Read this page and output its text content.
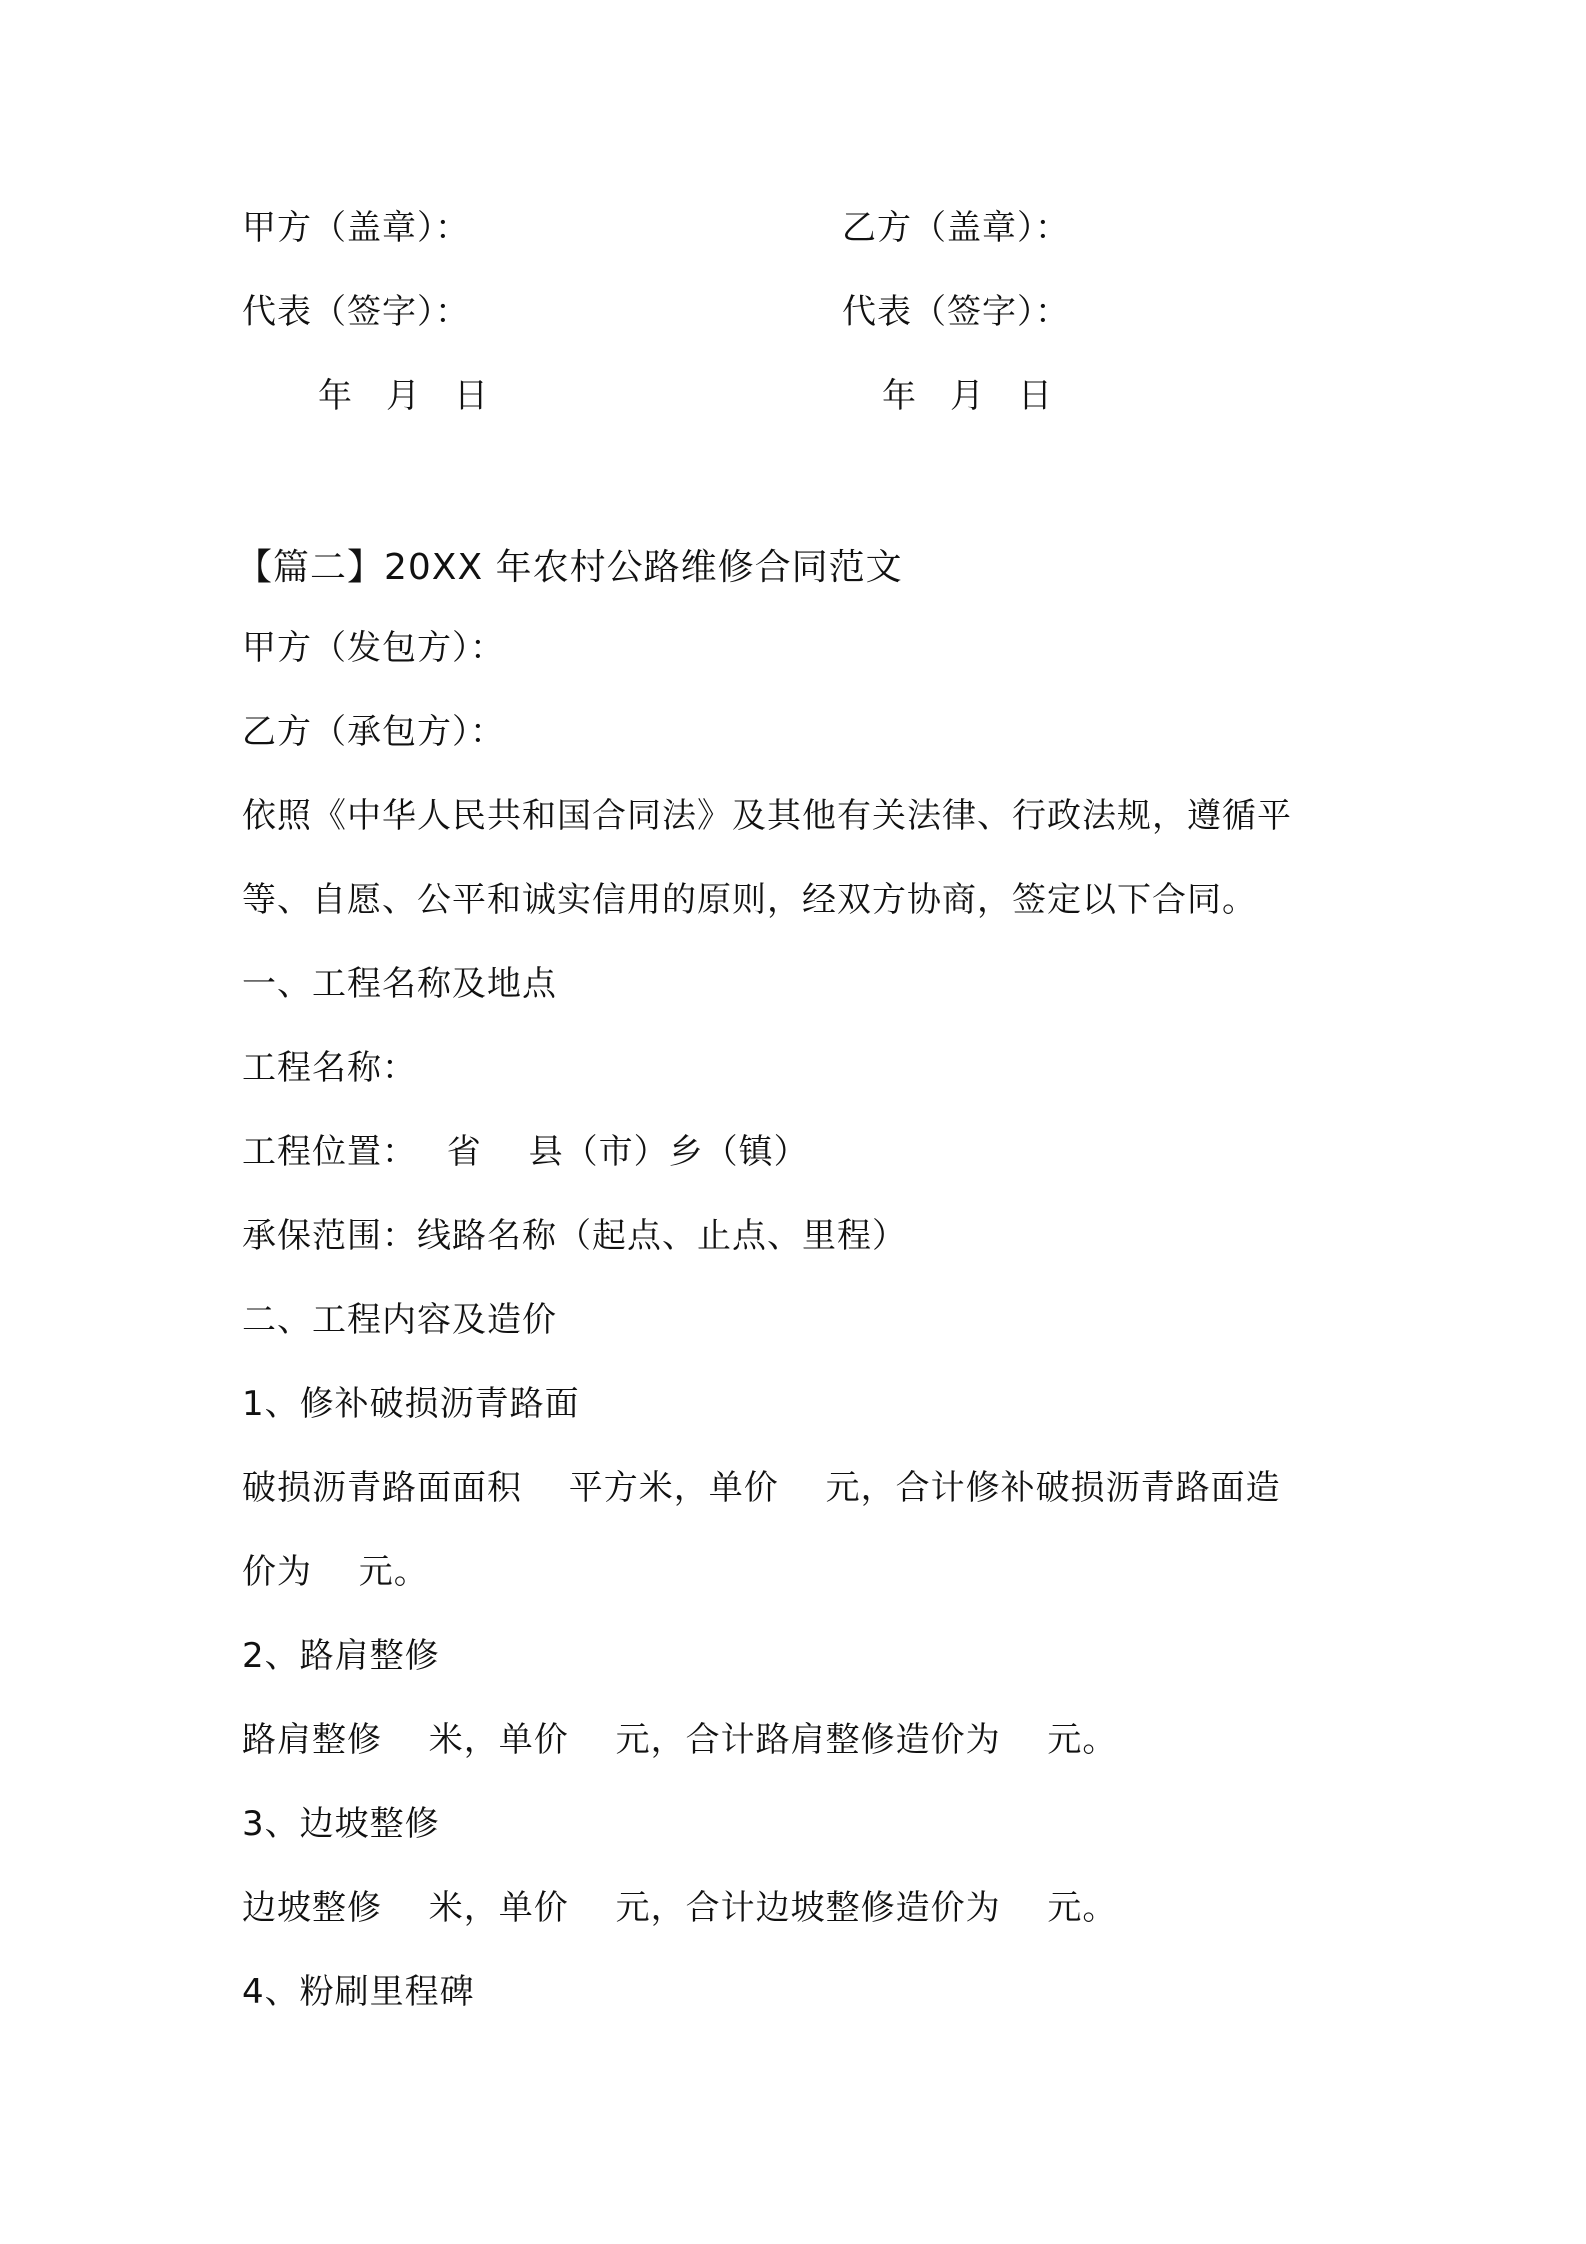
甲方（盖章）：	乙方（盖章）：
代表（签字）：	代表（签字）：
年　月　日	年　月　日
【篇二】20XX 年农村公路维修合同范文
甲方（发包方）：
乙方（承包方）：
依照《中华人民共和国合同法》及其他有关法律、行政法规，遵循平
等、自愿、公平和诚实信用的原则，经双方协商，签定以下合同。
一、工程名称及地点
工程名称：
工程位置：　 省　 县（市）乡（镇）
承保范围：线路名称（起点、止点、里程）
二、工程内容及造价
1、修补破损沥青路面
破损沥青路面面积　 平方米，单价　 元，合计修补破损沥青路面造
价为　 元。
2、路肩整修
路肩整修　 米，单价　 元，合计路肩整修造价为　 元。
3、边坡整修
边坡整修　 米，单价　 元，合计边坡整修造价为　 元。
4、粉刷里程碑
